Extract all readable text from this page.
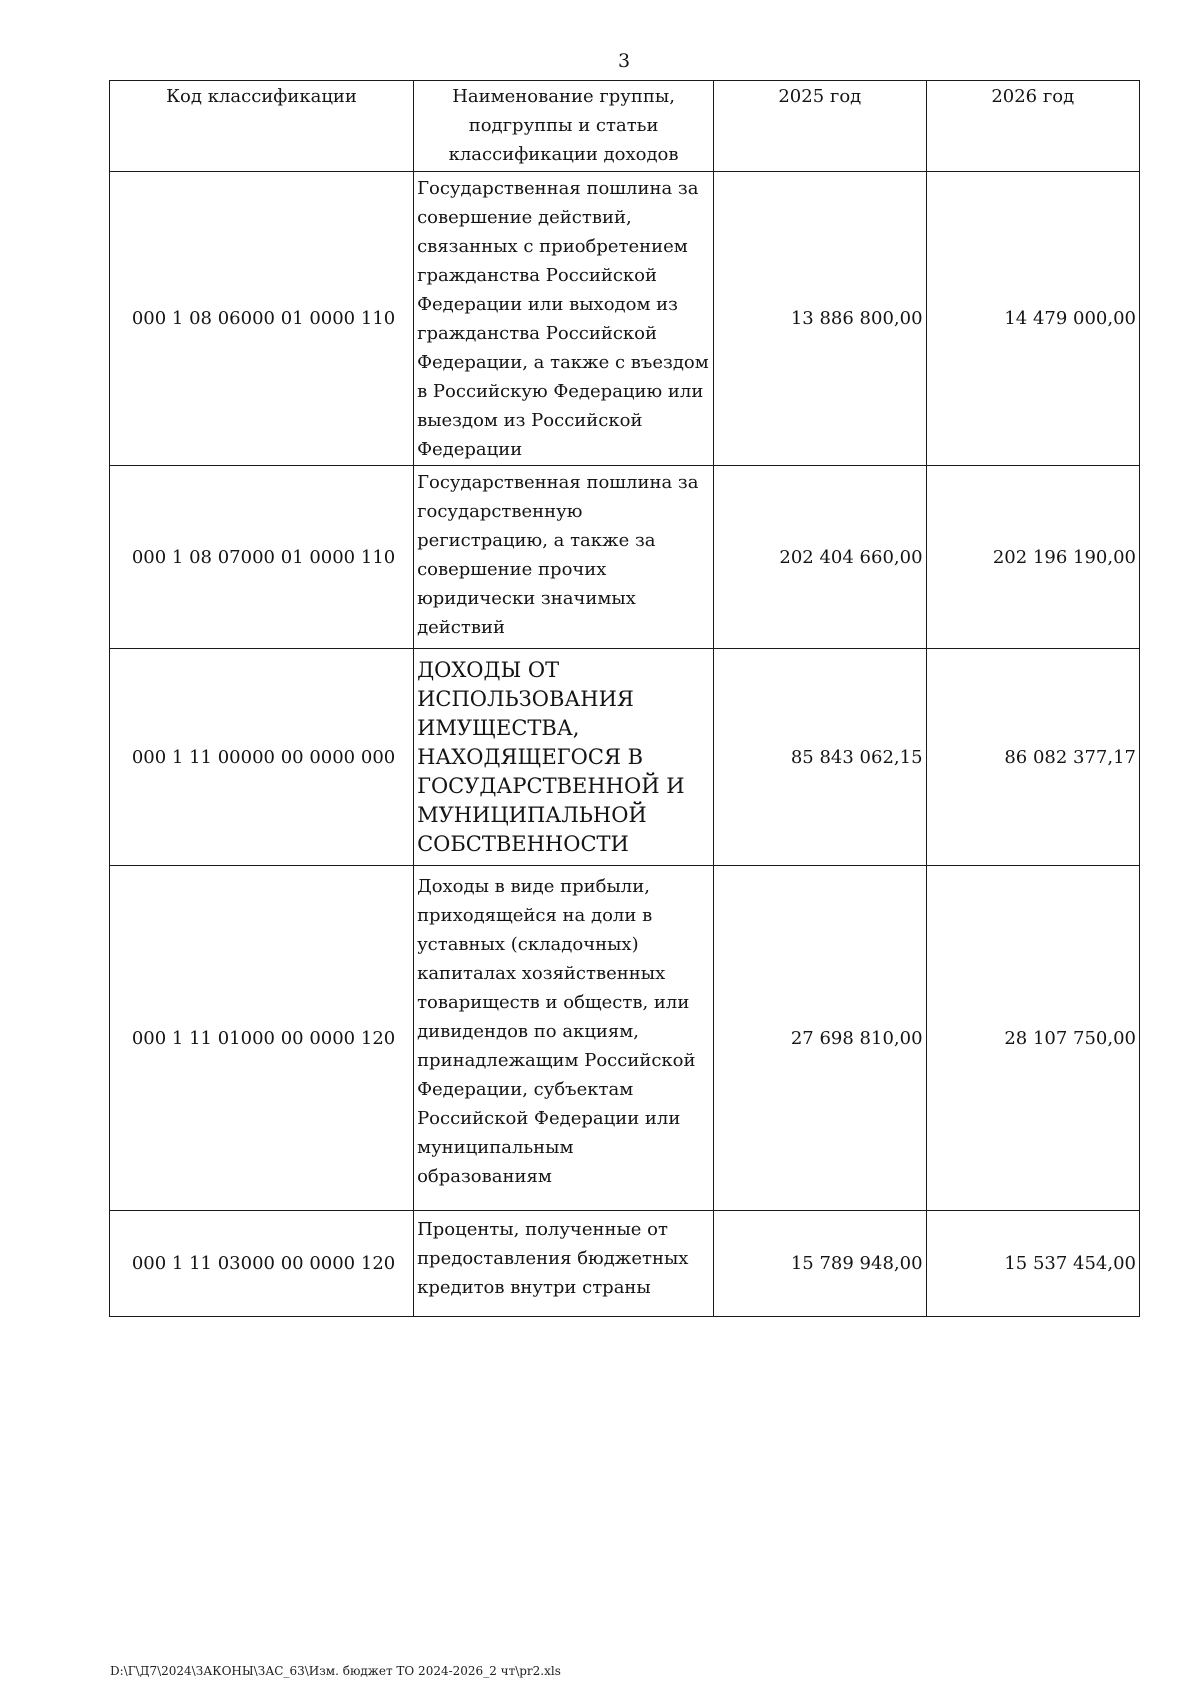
3
Код классификации	Наименование группы, подгруппы и статьи классификации доходов	2025 год	2026 год
000 1 08 06000 01 0000 110	Государственная пошлина за совершение действий, связанных с приобретением гражданства Российской Федерации или выходом из гражданства Российской Федерации, а также с въездом в Российскую Федерацию или выездом из Российской Федерации	13 886 800,00	14 479 000,00
000 1 08 07000 01 0000 110	Государственная пошлина за государственную регистрацию, а также за совершение прочих юридически значимых действий	202 404 660,00	202 196 190,00
000 1 11 00000 00 0000 000	ДОХОДЫ ОТ ИСПОЛЬЗОВАНИЯ ИМУЩЕСТВА, НАХОДЯЩЕГОСЯ В ГОСУДАРСТВЕННОЙ И МУНИЦИПАЛЬНОЙ СОБСТВЕННОСТИ	85 843 062,15	86 082 377,17
000 1 11 01000 00 0000 120	Доходы в виде прибыли, приходящейся на доли в уставных (складочных) капиталах хозяйственных товариществ и обществ, или дивидендов по акциям, принадлежащим Российской Федерации, субъектам Российской Федерации или муниципальным образованиям	27 698 810,00	28 107 750,00
000 1 11 03000 00 0000 120	Проценты, полученные от предоставления бюджетных кредитов внутри страны	15 789 948,00	15 537 454,00
D:\Г\Д7\2024\ЗАКОНЫ\ЗАС_63\Изм. бюджет ТО 2024-2026_2 чт\pr2.xls
